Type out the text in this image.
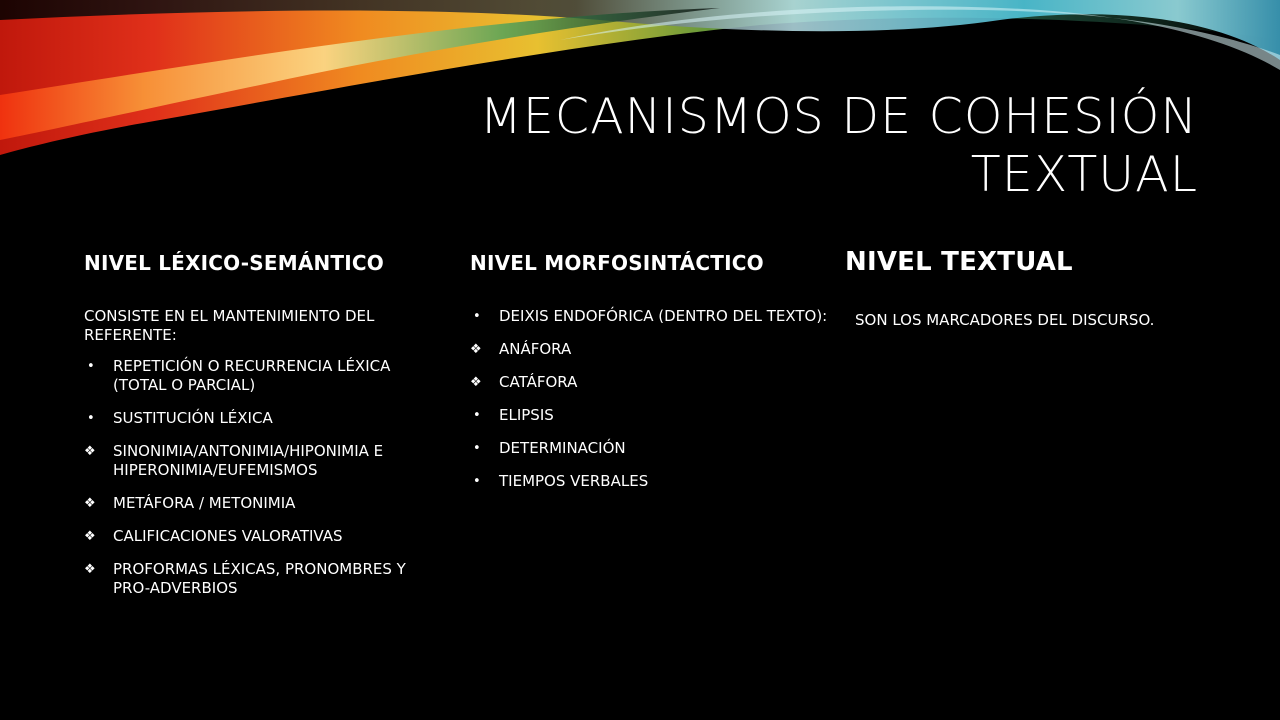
MECANISMOS DE COHESIÓN TEXTUAL
NIVEL LÉXICO-SEMÁNTICO

CONSISTE EN EL MANTENIMIENTO DEL REFERENTE:

•	REPETICIÓN O RECURRENCIA LÉXICA (TOTAL O PARCIAL)
•	SUSTITUCIÓN LÉXICA
❖	SINONIMIA/ANTONIMIA/HIPONIMIA E HIPERONIMIA/EUFEMISMOS
❖	METÁFORA / METONIMIA
❖	CALIFICACIONES VALORATIVAS
❖	PROFORMAS LÉXICAS, PRONOMBRES Y PRO-ADVERBIOS
NIVEL MORFOSINTÁCTICO
•	DEIXIS ENDOFÓRICA (DENTRO DEL TEXTO):
❖	ANÁFORA
❖	CATÁFORA
•	ELIPSIS
•	DETERMINACIÓN
•	TIEMPOS VERBALES
NIVEL TEXTUAL

SON LOS MARCADORES DEL DISCURSO.
